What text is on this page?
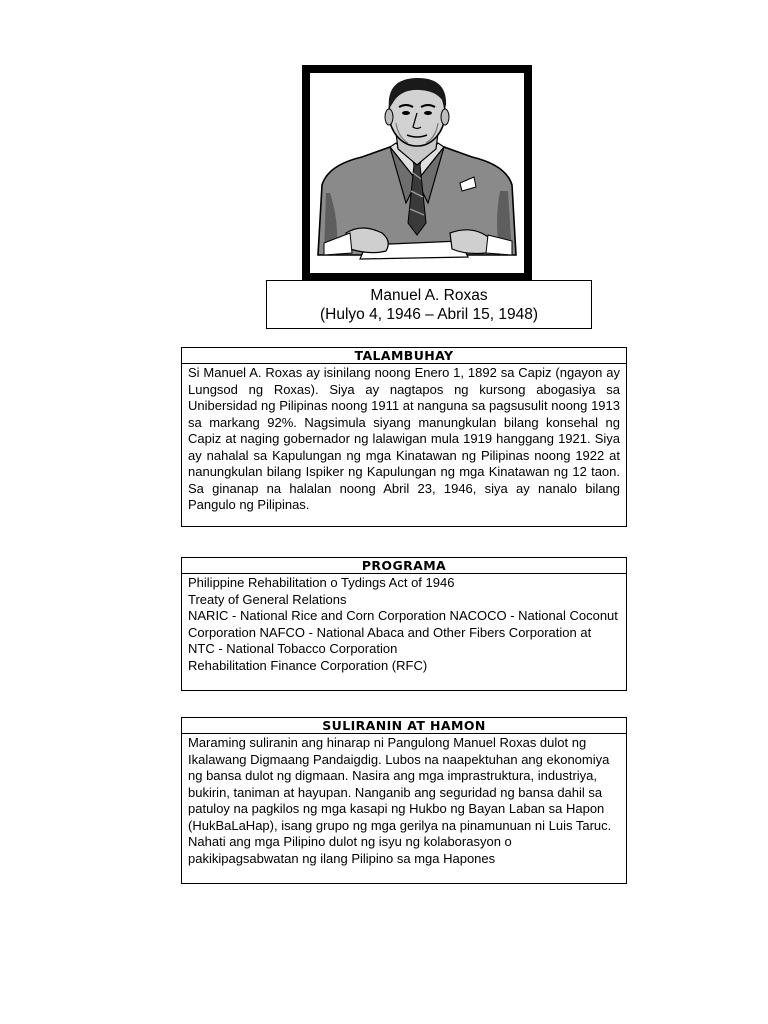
Manuel A. Roxas
(Hulyo 4, 1946 – Abril 15, 1948)
TALAMBUHAY
Si Manuel A. Roxas ay isinilang noong Enero 1, 1892 sa Capiz (ngayon ay Lungsod ng Roxas). Siya ay nagtapos ng kursong abogasiya sa Unibersidad ng Pilipinas noong 1911 at nanguna sa pagsusulit noong 1913 sa markang 92%. Nagsimula siyang manungkulan bilang konsehal ng Capiz at naging gobernador ng lalawigan mula 1919 hanggang 1921. Siya ay nahalal sa Kapulungan ng mga Kinatawan ng Pilipinas noong 1922 at nanungkulan bilang Ispiker ng Kapulungan ng mga Kinatawan ng 12 taon. Sa ginanap na halalan noong Abril 23, 1946, siya ay nanalo bilang Pangulo ng Pilipinas.
PROGRAMA
Philippine Rehabilitation o Tydings Act of 1946
Treaty of General Relations
NARIC - National Rice and Corn Corporation NACOCO - National Coconut Corporation NAFCO - National Abaca and Other Fibers Corporation at NTC - National Tobacco Corporation
Rehabilitation Finance Corporation (RFC)
SULIRANIN AT HAMON
Maraming suliranin ang hinarap ni Pangulong Manuel Roxas dulot ng Ikalawang Digmaang Pandaigdig. Lubos na naapektuhan ang ekonomiya ng bansa dulot ng digmaan. Nasira ang mga imprastruktura, industriya, bukirin, taniman at hayupan. Nanganib ang seguridad ng bansa dahil sa patuloy na pagkilos ng mga kasapi ng Hukbo ng Bayan Laban sa Hapon (HukBaLaHap), isang grupo ng mga gerilya na pinamunuan ni Luis Taruc. Nahati ang mga Pilipino dulot ng isyu ng kolaborasyon o pakikipagsabwatan ng ilang Pilipino sa mga Hapones
